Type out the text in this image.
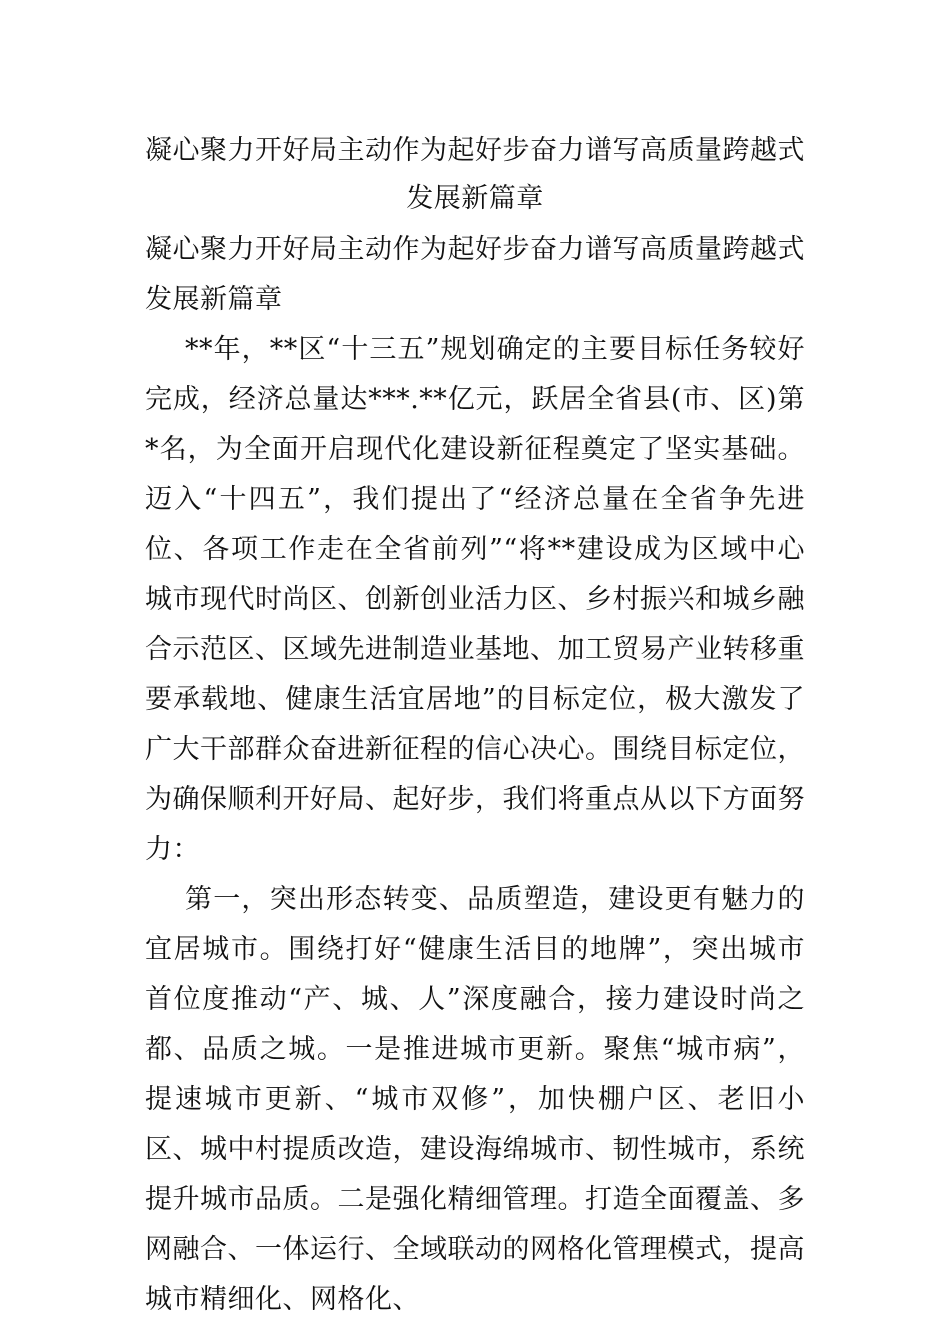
凝心聚力开好局主动作为起好步奋力谱写高质量跨越式发展新篇章

凝心聚力开好局主动作为起好步奋力谱写高质量跨越式发展新篇章

**年，**区“十三五”规划确定的主要目标任务较好完成，经济总量达***.**亿元，跃居全省县(市、区)第*名，为全面开启现代化建设新征程奠定了坚实基础。迈入“十四五”，我们提出了“经济总量在全省争先进位、各项工作走在全省前列”“将**建设成为区域中心城市现代时尚区、创新创业活力区、乡村振兴和城乡融合示范区、区域先进制造业基地、加工贸易产业转移重要承载地、健康生活宜居地”的目标定位，极大激发了广大干部群众奋进新征程的信心决心。围绕目标定位，为确保顺利开好局、起好步，我们将重点从以下方面努力：

第一，突出形态转变、品质塑造，建设更有魅力的宜居城市。围绕打好“健康生活目的地牌”，突出城市首位度推动“产、城、人”深度融合，接力建设时尚之都、品质之城。一是推进城市更新。聚焦“城市病”，提速城市更新、“城市双修”，加快棚户区、老旧小区、城中村提质改造，建设海绵城市、韧性城市，系统提升城市品质。二是强化精细管理。打造全面覆盖、多网融合、一体运行、全域联动的网格化管理模式，提高城市精细化、网格化、
